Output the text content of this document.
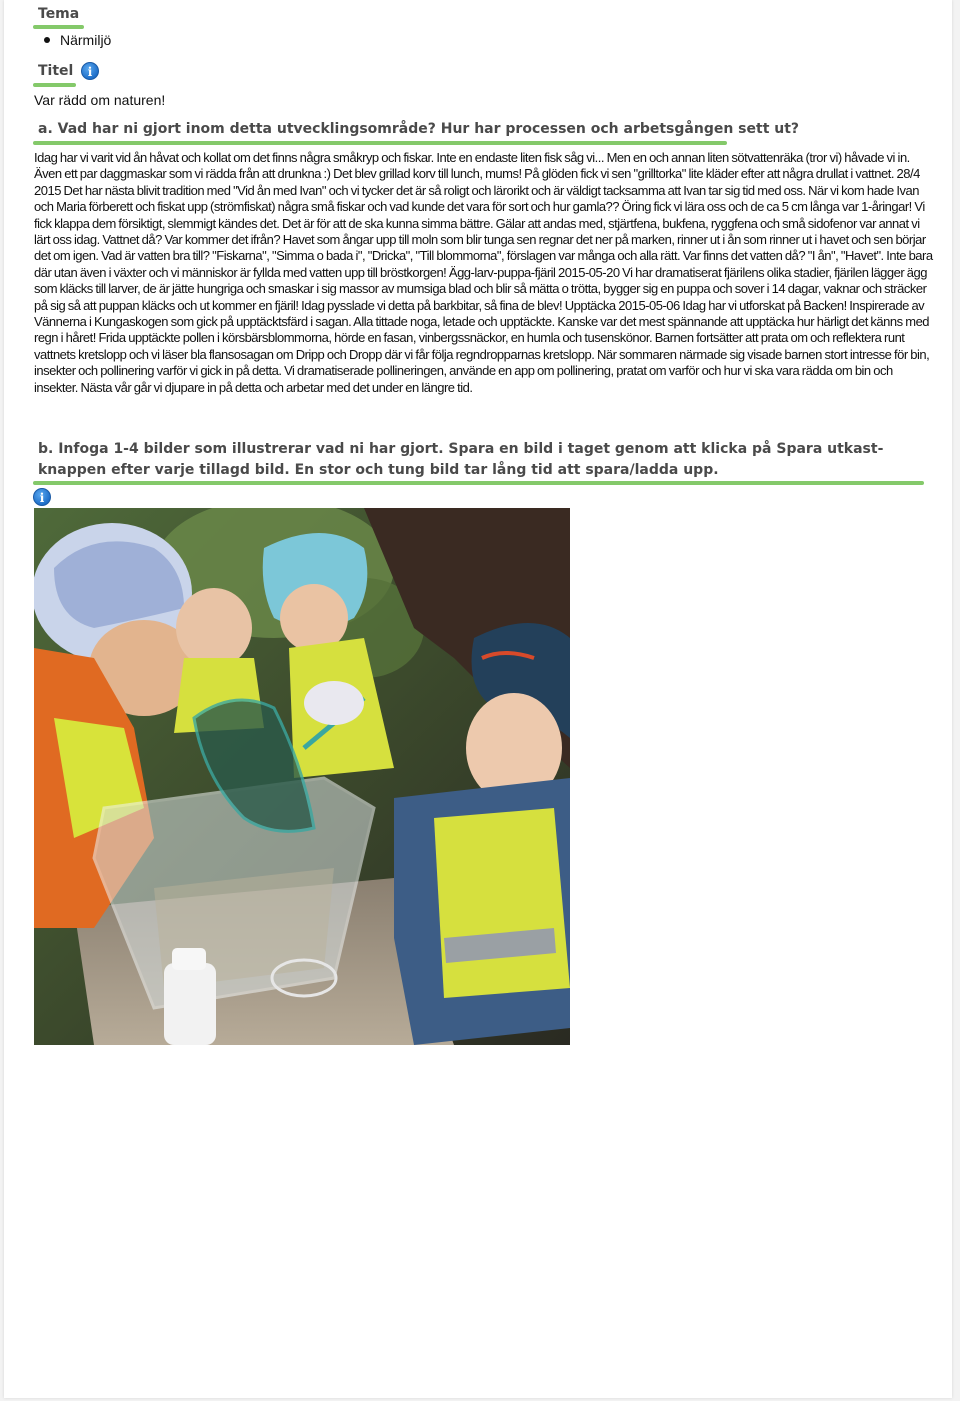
Tema
Närmiljö
Titel	i
Var rädd om naturen!
a. Vad har ni gjort inom detta utvecklingsområde? Hur har processen och arbetsgången sett ut?
Idag har vi varit vid ån håvat och kollat om det finns några småkryp och fiskar. Inte en endaste liten fisk såg vi... Men en och annan liten sötvattenräka (tror vi) håvade vi in. Även ett par daggmaskar som vi rädda från att drunkna :) Det blev grillad korv till lunch, mums! På glöden fick vi sen "grilltorka" lite kläder efter att några drullat i vattnet. 28/4 2015 Det har nästa blivit tradition med "Vid ån med Ivan" och vi tycker det är så roligt och lärorikt och är väldigt tacksamma att Ivan tar sig tid med oss. När vi kom hade Ivan och Maria förberett och fiskat upp (strömfiskat) några små fiskar och vad kunde det vara för sort och hur gamla?? Öring fick vi lära oss och de ca 5 cm långa var 1-åringar! Vi fick klappa dem försiktigt, slemmigt kändes det. Det är för att de ska kunna simma bättre. Gälar att andas med, stjärtfena, bukfena, ryggfena och små sidofenor var annat vi lärt oss idag. Vattnet då? Var kommer det ifrån? Havet som ångar upp till moln som blir tunga sen regnar det ner på marken, rinner ut i ån som rinner ut i havet och sen börjar det om igen. Vad är vatten bra till? "Fiskarna", "Simma o bada i", "Dricka", "Till blommorna", förslagen var många och alla rätt. Var finns det vatten då? "I ån", "Havet". Inte bara där utan även i växter och vi människor är fyllda med vatten upp till bröstkorgen! Ägg-larv-puppa-fjäril 2015-05-20 Vi har dramatiserat fjärilens olika stadier, fjärilen lägger ägg som kläcks till larver, de är jätte hungriga och smaskar i sig massor av mumsiga blad och blir så mätta o trötta, bygger sig en puppa och sover i 14 dagar, vaknar och sträcker på sig så att puppan kläcks och ut kommer en fjäril! Idag pysslade vi detta på barkbitar, så fina de blev! Upptäcka 2015-05-06 Idag har vi utforskat på Backen! Inspirerade av Vännerna i Kungaskogen som gick på upptäcktsfärd i sagan. Alla tittade noga, letade och upptäckte. Kanske var det mest spännande att upptäcka hur härligt det känns med regn i håret! Frida upptäckte pollen i körsbärsblommorna, hörde en fasan, vinbergssnäckor, en humla och tusenskönor. Barnen fortsätter att prata om och reflektera runt vattnets kretslopp och vi läser bla flansosagan om Dripp och Dropp där vi får följa regndropparnas kretslopp. När sommaren närmade sig visade barnen stort intresse för bin, insekter och pollinering varför vi gick in på detta. Vi dramatiserade pollineringen, använde en app om pollinering, pratat om varför och hur vi ska vara rädda om bin och insekter. Nästa vår går vi djupare in på detta och arbetar med det under en längre tid.
b. Infoga 1-4 bilder som illustrerar vad ni har gjort. Spara en bild i taget genom att klicka på Spara utkast-knappen efter varje tillagd bild. En stor och tung bild tar lång tid att spara/ladda upp.
i
